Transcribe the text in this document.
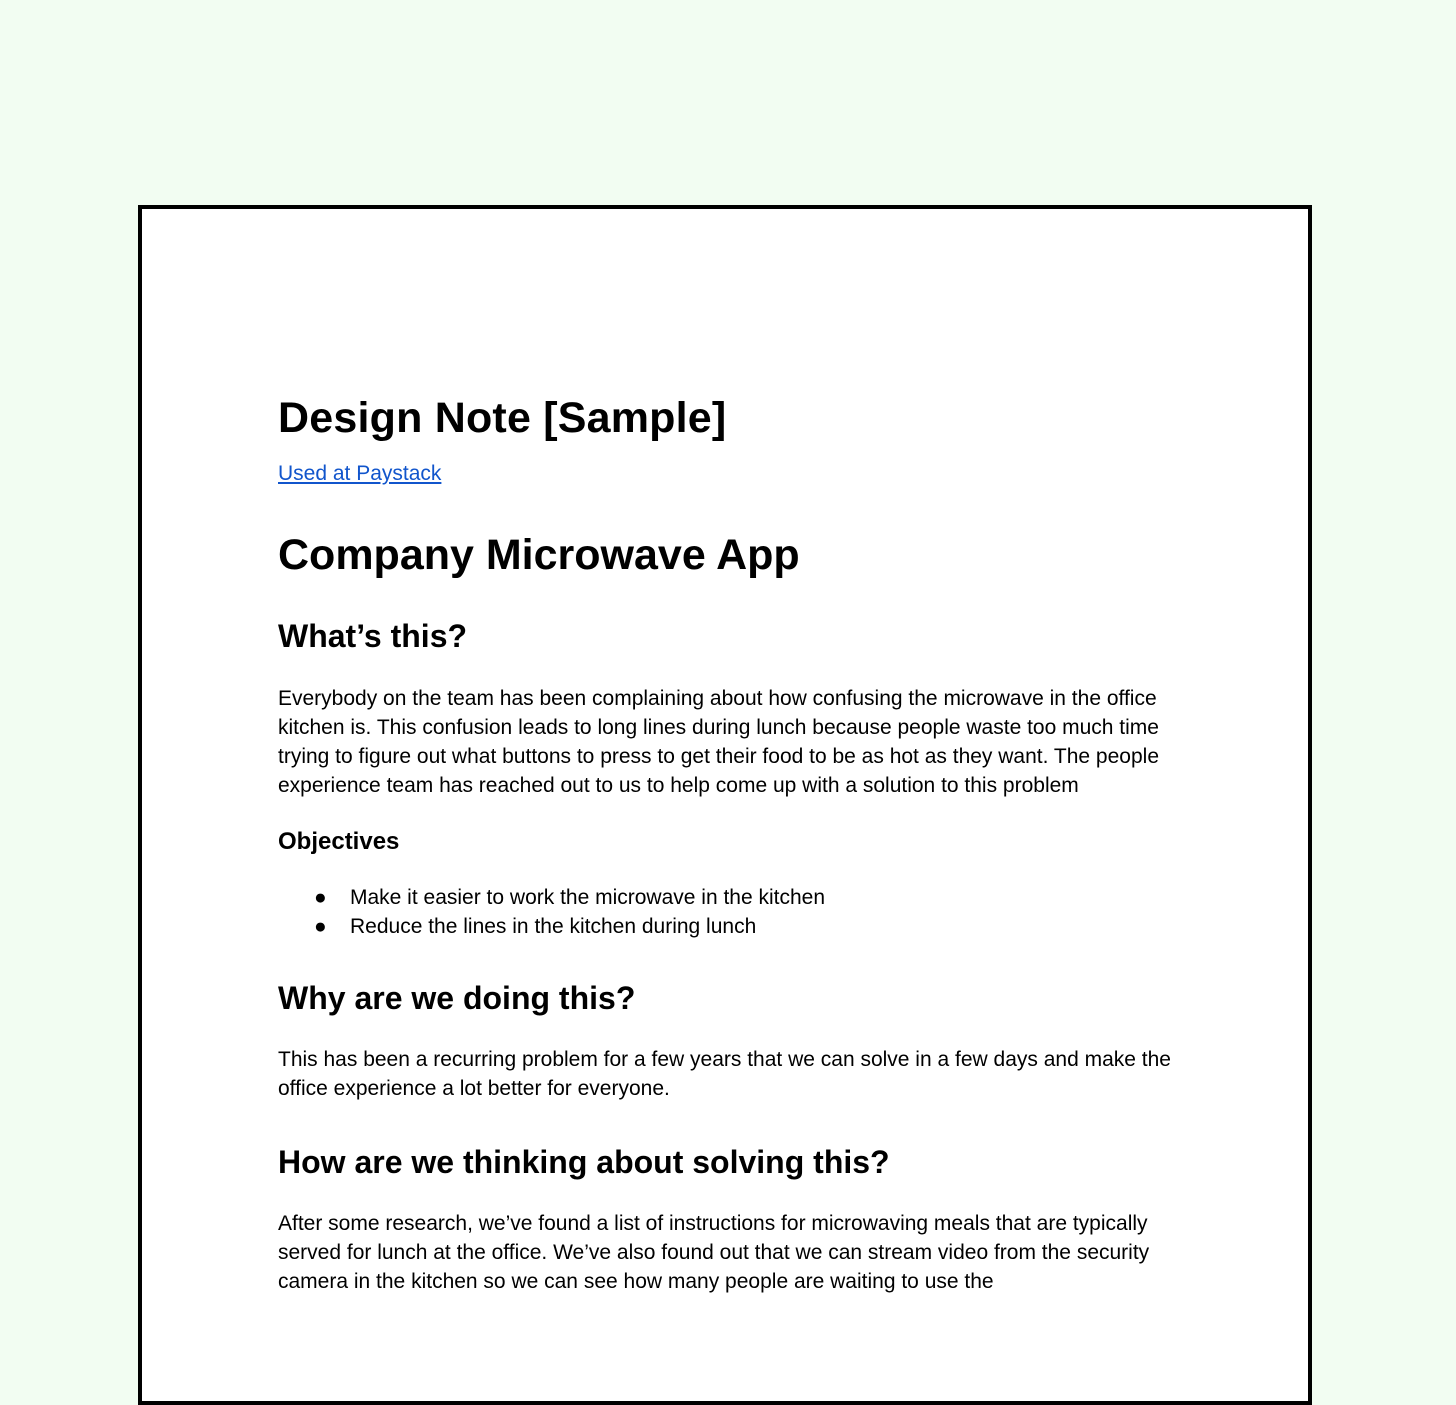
Design Note [Sample]
Used at Paystack
Company Microwave App
What’s this?

Everybody on the team has been complaining about how confusing the microwave in the office kitchen is. This confusion leads to long lines during lunch because people waste too much time trying to figure out what buttons to press to get their food to be as hot as they want. The people experience team has reached out to us to help come up with a solution to this problem

Objectives
● Make it easier to work the microwave in the kitchen
● Reduce the lines in the kitchen during lunch
Why are we doing this?

This has been a recurring problem for a few years that we can solve in a few days and make the office experience a lot better for everyone.

How are we thinking about solving this?

After some research, we’ve found a list of instructions for microwaving meals that are typically served for lunch at the office. We’ve also found out that we can stream video from the security camera in the kitchen so we can see how many people are waiting to use the
